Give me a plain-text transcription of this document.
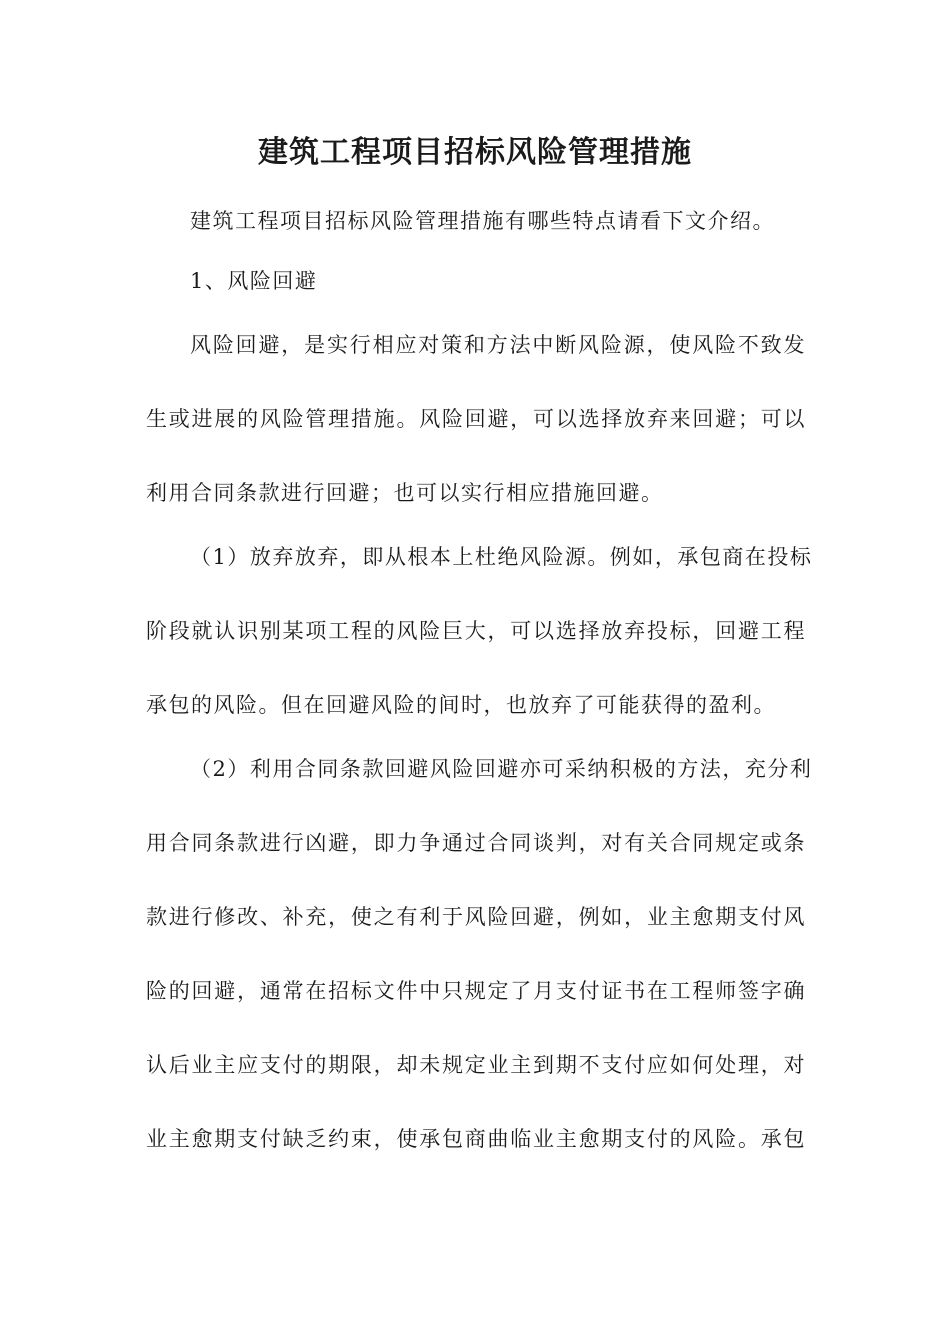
建筑工程项目招标风险管理措施

建筑工程项目招标风险管理措施有哪些特点请看下文介绍。

1、风险回避

风险回避，是实行相应对策和方法中断风险源，使风险不致发

生或进展的风险管理措施。风险回避，可以选择放弃来回避；可以

利用合同条款进行回避；也可以实行相应措施回避。

（1）放弃放弃，即从根本上杜绝风险源。例如，承包商在投标

阶段就认识别某项工程的风险巨大，可以选择放弃投标，回避工程

承包的风险。但在回避风险的间时，也放弃了可能获得的盈利。

（2）利用合同条款回避风险回避亦可采纳积极的方法，充分利

用合同条款进行凶避，即力争通过合同谈判，对有关合同规定或条

款进行修改、补充，使之有利于风险回避，例如，业主愈期支付风

险的回避，通常在招标文件中只规定了月支付证书在工程师签字确

认后业主应支付的期限，却未规定业主到期不支付应如何处理，对

业主愈期支付缺乏约束，使承包商曲临业主愈期支付的风险。承包
